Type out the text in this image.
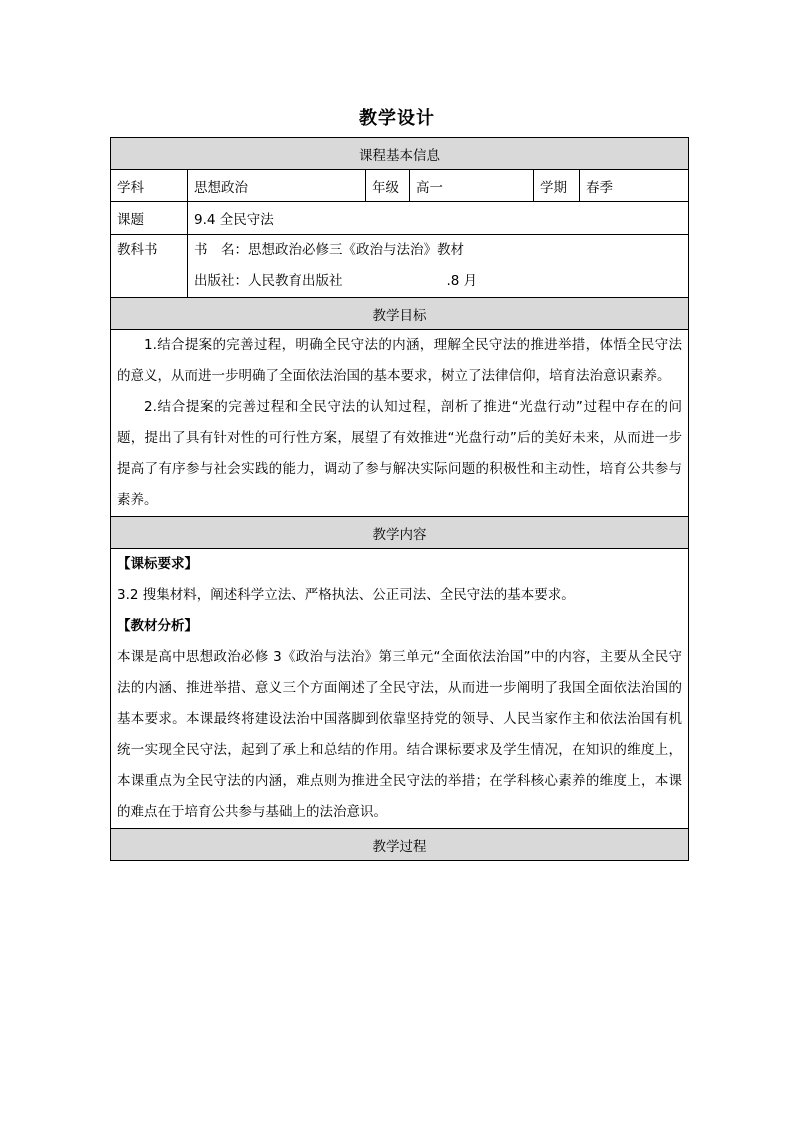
教学设计
课程基本信息					
学科	思想政治	年级	高一	学期	春季
课题	9.4 全民守法				
教科书	书　名：思想政治必修三《政治与法治》教材
出版社：人民教育出版社 .8 月				

教学目标					

1.结合提案的完善过程，明确全民守法的内涵，理解全民守法的推进举措，体悟全民守法的意义，从而进一步明确了全面依法治国的基本要求，树立了法律信仰，培育法治意识素养。

2.结合提案的完善过程和全民守法的认知过程，剖析了推进“光盘行动”过程中存在的问题，提出了具有针对性的可行性方案，展望了有效推进“光盘行动”后的美好未来，从而进一步提高了有序参与社会实践的能力，调动了参与解决实际问题的积极性和主动性，培育公共参与素养。					

教学内容					

【课标要求】

3.2 搜集材料，阐述科学立法、严格执法、公正司法、全民守法的基本要求。

【教材分析】

本课是高中思想政治必修 3《政治与法治》第三单元“全面依法治国”中的内容，主要从全民守法的内涵、推进举措、意义三个方面阐述了全民守法，从而进一步阐明了我国全面依法治国的基本要求。本课最终将建设法治中国落脚到依靠坚持党的领导、人民当家作主和依法治国有机统一实现全民守法，起到了承上和总结的作用。结合课标要求及学生情况，在知识的维度上，本课重点为全民守法的内涵，难点则为推进全民守法的举措；在学科核心素养的维度上，本课的难点在于培育公共参与基础上的法治意识。					

教学过程					
